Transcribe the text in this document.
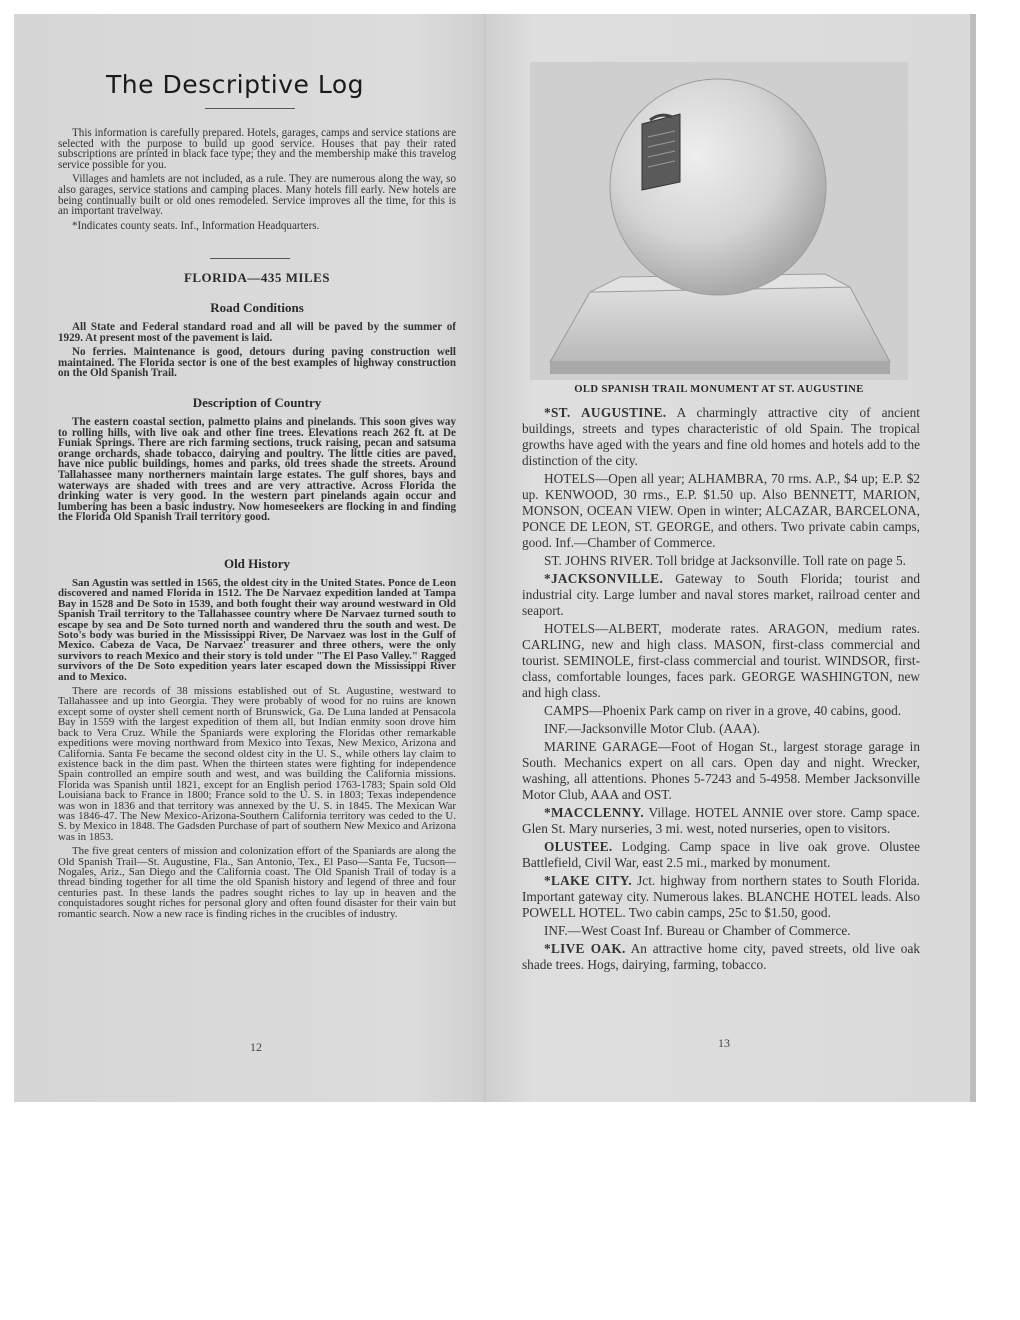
The Descriptive Log

This information is carefully prepared. Hotels, garages, camps and service stations are selected with the purpose to build up good service. Houses that pay their rated subscriptions are printed in black face type; they and the membership make this travelog service possible for you.

Villages and hamlets are not included, as a rule. They are numerous along the way, so also garages, service stations and camping places. Many hotels fill early. New hotels are being continually built or old ones remodeled. Service improves all the time, for this is an important travelway.

*Indicates county seats. Inf., Information Headquarters.

FLORIDA—435 MILES
Road Conditions

All State and Federal standard road and all will be paved by the summer of 1929. At present most of the pavement is laid.

No ferries. Maintenance is good, detours during paving construction well maintained. The Florida sector is one of the best examples of highway construction on the Old Spanish Trail.

Description of Country

The eastern coastal section, palmetto plains and pinelands. This soon gives way to rolling hills, with live oak and other fine trees. Elevations reach 262 ft. at De Funiak Springs. There are rich farming sections, truck raising, pecan and satsuma orange orchards, shade tobacco, dairying and poultry. The little cities are paved, have nice public buildings, homes and parks, old trees shade the streets. Around Tallahassee many northerners maintain large estates. The gulf shores, bays and waterways are shaded with trees and are very attractive. Across Florida the drinking water is very good. In the western part pinelands again occur and lumbering has been a basic industry. Now homeseekers are flocking in and finding the Florida Old Spanish Trail territory good.

Old History

San Agustin was settled in 1565, the oldest city in the United States. Ponce de Leon discovered and named Florida in 1512. The De Narvaez expedition landed at Tampa Bay in 1528 and De Soto in 1539, and both fought their way around westward in Old Spanish Trail territory to the Tallahassee country where De Narvaez turned south to escape by sea and De Soto turned north and wandered thru the south and west. De Soto's body was buried in the Mississippi River, De Narvaez was lost in the Gulf of Mexico. Cabeza de Vaca, De Narvaez' treasurer and three others, were the only survivors to reach Mexico and their story is told under "The El Paso Valley." Ragged survivors of the De Soto expedition years later escaped down the Mississippi River and to Mexico.

There are records of 38 missions established out of St. Augustine, westward to Tallahassee and up into Georgia. They were probably of wood for no ruins are known except some of oyster shell cement north of Brunswick, Ga. De Luna landed at Pensacola Bay in 1559 with the largest expedition of them all, but Indian enmity soon drove him back to Vera Cruz. While the Spaniards were exploring the Floridas other remarkable expeditions were moving northward from Mexico into Texas, New Mexico, Arizona and California. Santa Fe became the second oldest city in the U. S., while others lay claim to existence back in the dim past. When the thirteen states were fighting for independence Spain controlled an empire south and west, and was building the California missions. Florida was Spanish until 1821, except for an English period 1763-1783; Spain sold Old Louisiana back to France in 1800; France sold to the U. S. in 1803; Texas independence was won in 1836 and that territory was annexed by the U. S. in 1845. The Mexican War was 1846-47. The New Mexico-Arizona-Southern California territory was ceded to the U. S. by Mexico in 1848. The Gadsden Purchase of part of southern New Mexico and Arizona was in 1853.

The five great centers of mission and colonization effort of the Spaniards are along the Old Spanish Trail—St. Augustine, Fla., San Antonio, Tex., El Paso—Santa Fe, Tucson—Nogales, Ariz., San Diego and the California coast. The Old Spanish Trail of today is a thread binding together for all time the old Spanish history and legend of three and four centuries past. In these lands the padres sought riches to lay up in heaven and the conquistadores sought riches for personal glory and often found disaster for their vain but romantic search. Now a new race is finding riches in the crucibles of industry.

12
OLD SPANISH TRAIL MONUMENT AT ST. AUGUSTINE

*ST. AUGUSTINE. A charmingly attractive city of ancient buildings, streets and types characteristic of old Spain. The tropical growths have aged with the years and fine old homes and hotels add to the distinction of the city.

HOTELS—Open all year; ALHAMBRA, 70 rms. A.P., $4 up; E.P. $2 up. KENWOOD, 30 rms., E.P. $1.50 up. Also BENNETT, MARION, MONSON, OCEAN VIEW. Open in winter; ALCAZAR, BARCELONA, PONCE DE LEON, ST. GEORGE, and others. Two private cabin camps, good. Inf.—Chamber of Commerce.

ST. JOHNS RIVER. Toll bridge at Jacksonville. Toll rate on page 5.

*JACKSONVILLE. Gateway to South Florida; tourist and industrial city. Large lumber and naval stores market, railroad center and seaport.

HOTELS—ALBERT, moderate rates. ARAGON, medium rates. CARLING, new and high class. MASON, first-class commercial and tourist. SEMINOLE, first-class commercial and tourist. WINDSOR, first-class, comfortable lounges, faces park. GEORGE WASHINGTON, new and high class.

CAMPS—Phoenix Park camp on river in a grove, 40 cabins, good.

INF.—Jacksonville Motor Club. (AAA).

MARINE GARAGE—Foot of Hogan St., largest storage garage in South. Mechanics expert on all cars. Open day and night. Wrecker, washing, all attentions. Phones 5-7243 and 5-4958. Member Jacksonville Motor Club, AAA and OST.

*MACCLENNY. Village. HOTEL ANNIE over store. Camp space. Glen St. Mary nurseries, 3 mi. west, noted nurseries, open to visitors.

OLUSTEE. Lodging. Camp space in live oak grove. Olustee Battlefield, Civil War, east 2.5 mi., marked by monument.

*LAKE CITY. Jct. highway from northern states to South Florida. Important gateway city. Numerous lakes. BLANCHE HOTEL leads. Also POWELL HOTEL. Two cabin camps, 25c to $1.50, good.

INF.—West Coast Inf. Bureau or Chamber of Commerce.

*LIVE OAK. An attractive home city, paved streets, old live oak shade trees. Hogs, dairying, farming, tobacco.

13
